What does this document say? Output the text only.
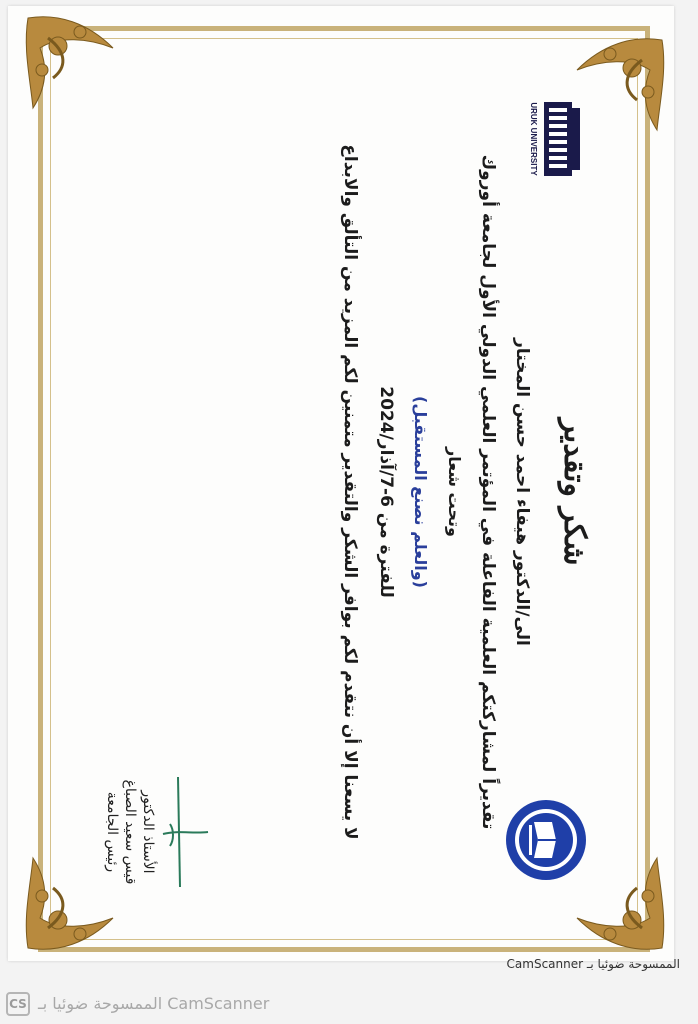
شكر وتقدير
الى/الدكتور هيفاء احمد حسن المختار
تقديراً لمشاركتكم العلمية الفاعلة في المؤتمر العلمي الدولي الأول لجامعة أوروك
وتحت شعار
(والعلم نصنع المستقبل)
للفترة من 6-7/آذار/2024
لا يسعنا إلا أن نتقدم لكم بوافر الشكر والتقدير متمنين لكم المزيد من التألق والابداع
URUK UNIVERSITY
الأستاذ الدكتور
قيس سعيد الصباغ
رئيس الجامعة
الممسوحة ضوئيا بـ CamScanner
CS الممسوحة ضوئيا بـ CamScanner
